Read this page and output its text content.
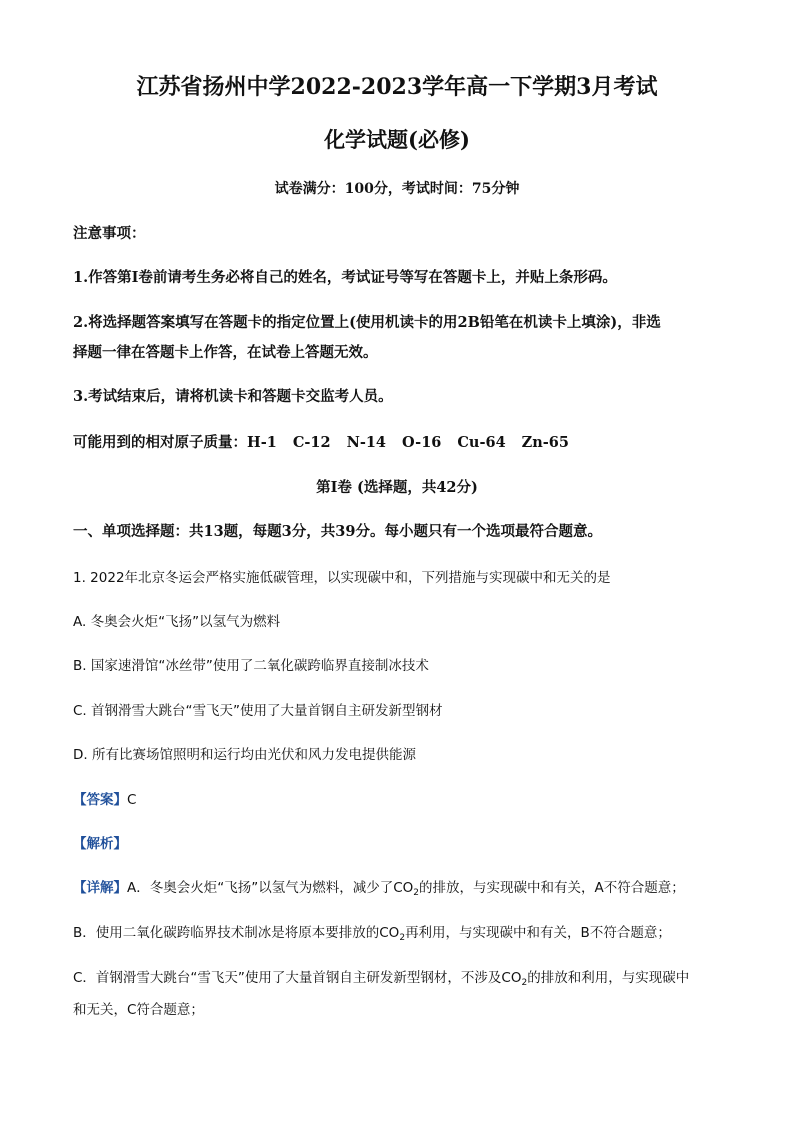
江苏省扬州中学2022-2023学年高一下学期3月考试
化学试题(必修)
试卷满分：100分，考试时间：75分钟
注意事项：
1.作答第Ⅰ卷前请考生务必将自己的姓名，考试证号等写在答题卡上，并贴上条形码。
2.将选择题答案填写在答题卡的指定位置上(使用机读卡的用2B铅笔在机读卡上填涂)，非选
择题一律在答题卡上作答，在试卷上答题无效。
3.考试结束后，请将机读卡和答题卡交监考人员。
可能用到的相对原子质量：H-1 C-12 N-14 O-16 Cu-64 Zn-65
第Ⅰ卷 (选择题，共42分)
一、单项选择题：共13题，每题3分，共39分。每小题只有一个选项最符合题意。
1. 2022年北京冬运会严格实施低碳管理，以实现碳中和，下列措施与实现碳中和无关的是
A. 冬奥会火炬“飞扬”以氢气为燃料
B. 国家速滑馆“冰丝带”使用了二氧化碳跨临界直接制冰技术
C. 首钢滑雪大跳台“雪飞天”使用了大量首钢自主研发新型钢材
D. 所有比赛场馆照明和运行均由光伏和风力发电提供能源
【答案】C
【解析】
【详解】A．冬奥会火炬“飞扬”以氢气为燃料，减少了$CO_2$的排放，与实现碳中和有关，A不符合题意；
B．使用二氧化碳跨临界技术制冰是将原本要排放的$CO_2$再利用，与实现碳中和有关，B不符合题意；
C．首钢滑雪大跳台“雪飞天”使用了大量首钢自主研发新型钢材，不涉及$CO_2$的排放和利用，与实现碳中
和无关，C符合题意；
